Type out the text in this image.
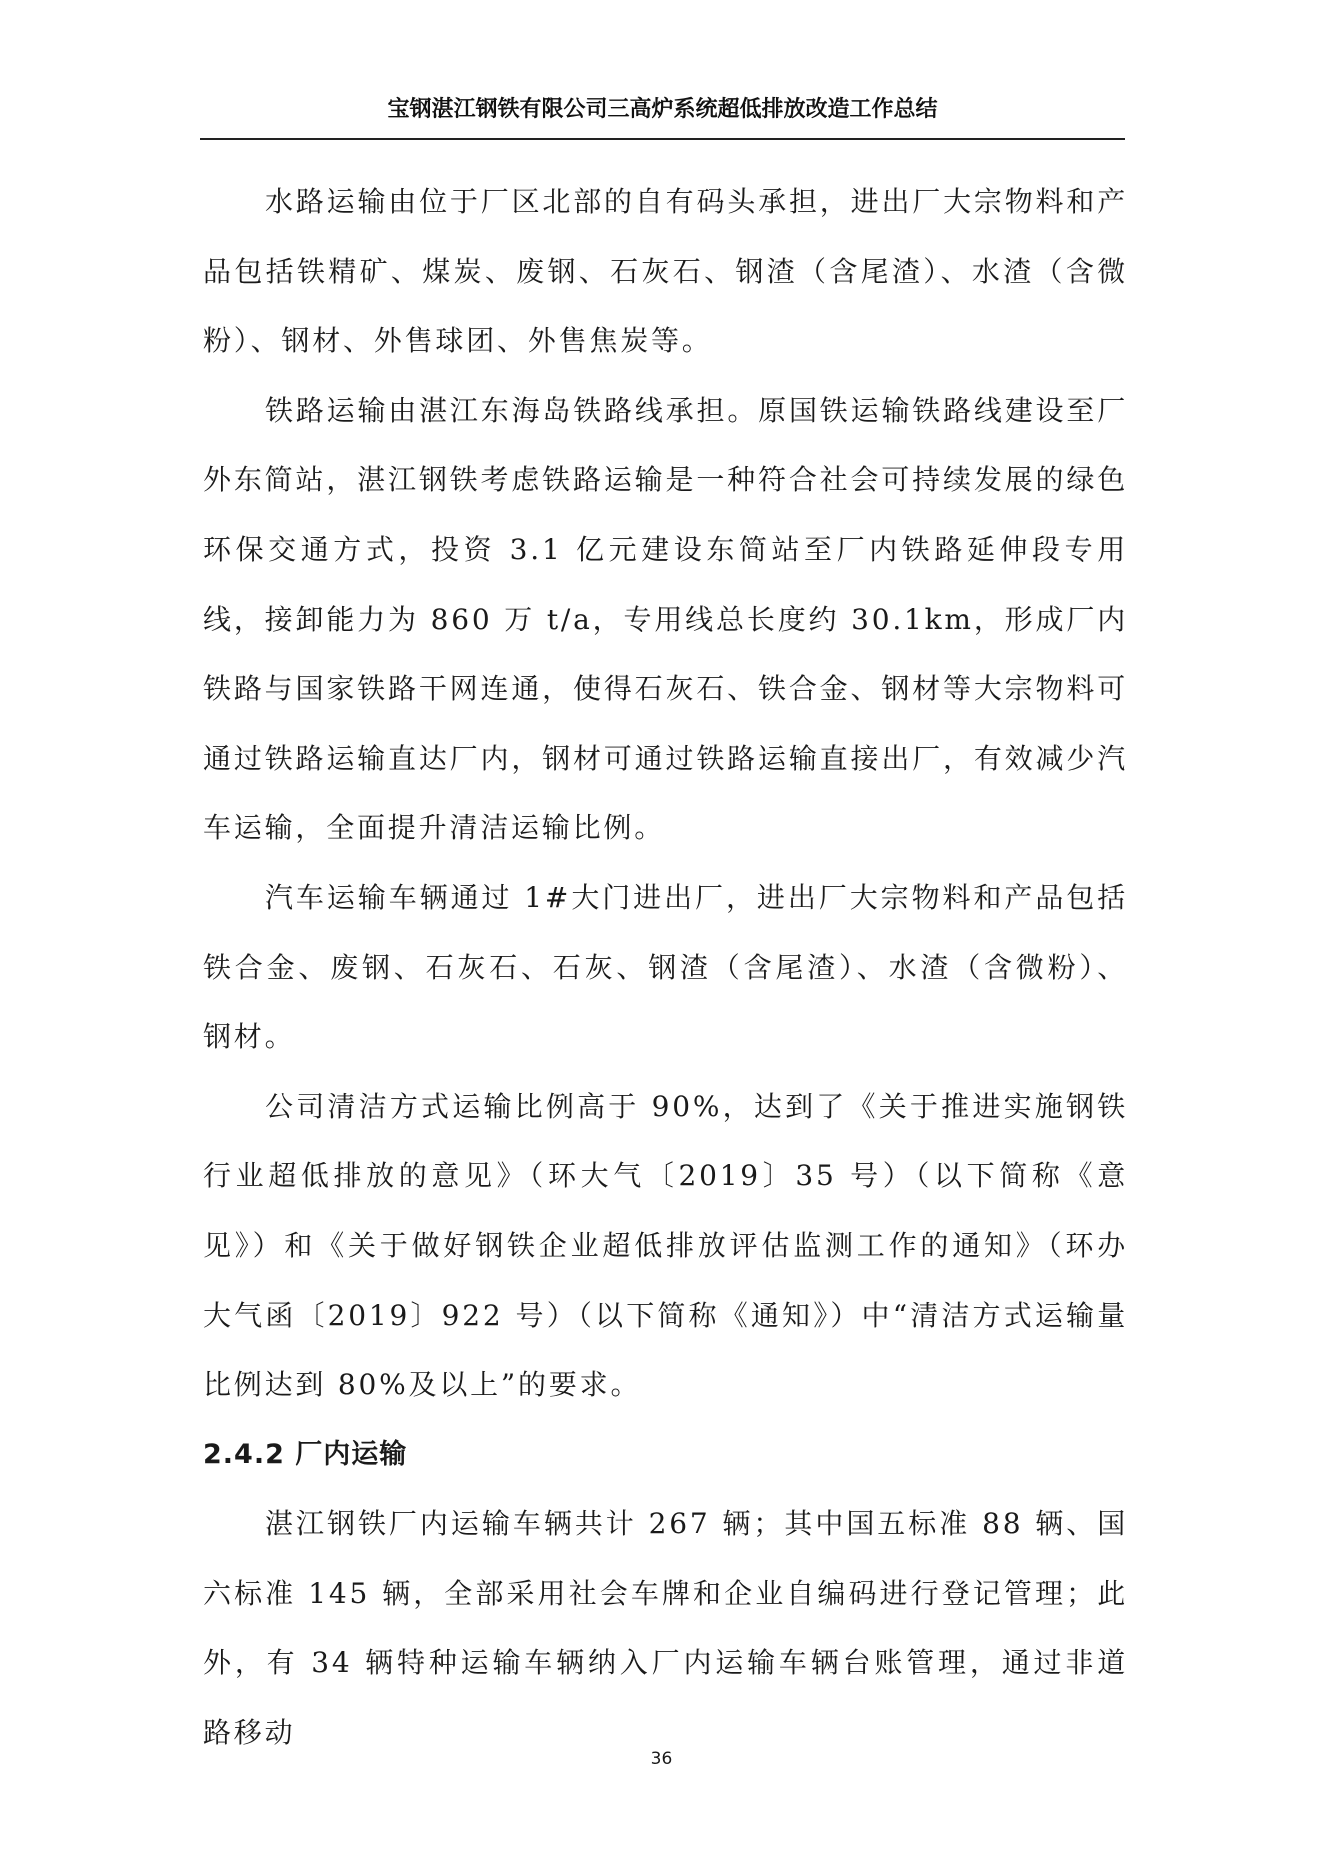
宝钢湛江钢铁有限公司三高炉系统超低排放改造工作总结

水路运输由位于厂区北部的自有码头承担，进出厂大宗物料和产品包括铁精矿、煤炭、废钢、石灰石、钢渣（含尾渣）、水渣（含微粉）、钢材、外售球团、外售焦炭等。

铁路运输由湛江东海岛铁路线承担。原国铁运输铁路线建设至厂外东简站，湛江钢铁考虑铁路运输是一种符合社会可持续发展的绿色环保交通方式，投资 3.1 亿元建设东简站至厂内铁路延伸段专用线，接卸能力为 860 万 t/a，专用线总长度约 30.1km，形成厂内铁路与国家铁路干网连通，使得石灰石、铁合金、钢材等大宗物料可通过铁路运输直达厂内，钢材可通过铁路运输直接出厂，有效减少汽车运输，全面提升清洁运输比例。

汽车运输车辆通过 1#大门进出厂，进出厂大宗物料和产品包括铁合金、废钢、石灰石、石灰、钢渣（含尾渣）、水渣（含微粉）、钢材。

公司清洁方式运输比例高于 90%，达到了《关于推进实施钢铁行业超低排放的意见》（环大气〔2019〕35 号）（以下简称《意见》）和《关于做好钢铁企业超低排放评估监测工作的通知》（环办大气函〔2019〕922 号）（以下简称《通知》）中“清洁方式运输量比例达到 80%及以上”的要求。

2.4.2 厂内运输

湛江钢铁厂内运输车辆共计 267 辆；其中国五标准 88 辆、国六标准 145 辆，全部采用社会车牌和企业自编码进行登记管理；此外，有 34 辆特种运输车辆纳入厂内运输车辆台账管理，通过非道路移动

36
